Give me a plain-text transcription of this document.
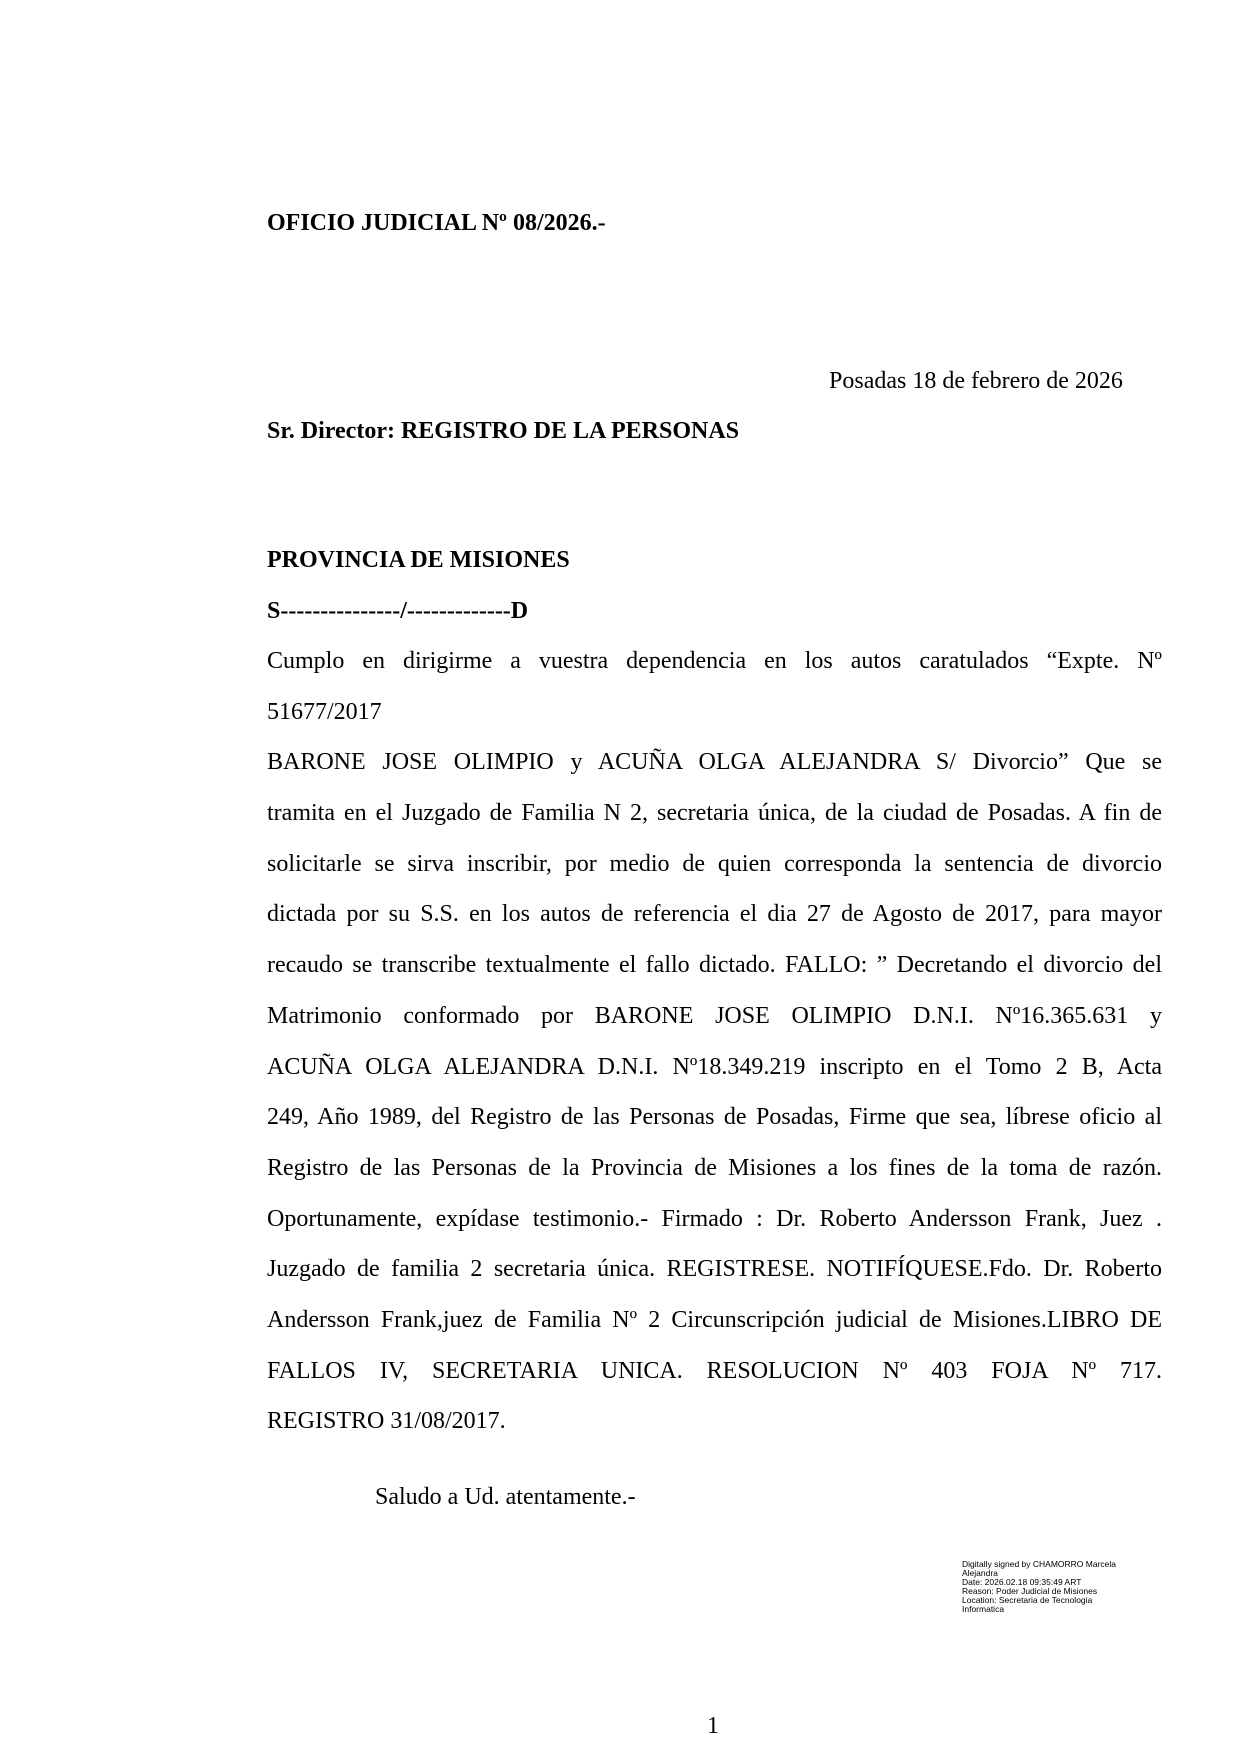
OFICIO JUDICIAL Nº 08/2026.-
Posadas 18 de febrero de 2026
Sr. Director: REGISTRO DE LA PERSONAS
PROVINCIA DE MISIONES
S---------------/-------------D
Cumplo en dirigirme a vuestra dependencia en los autos caratulados “Expte. Nº
51677/2017
BARONE JOSE OLIMPIO y ACUÑA OLGA ALEJANDRA S/ Divorcio” Que se
tramita en el Juzgado de Familia N 2, secretaria única, de la ciudad de Posadas. A fin de
solicitarle se sirva inscribir, por medio de quien corresponda la sentencia de divorcio
dictada por su S.S. en los autos de referencia el dia 27 de Agosto de 2017, para mayor
recaudo se transcribe textualmente el fallo dictado. FALLO: ” Decretando el divorcio del
Matrimonio conformado por BARONE JOSE OLIMPIO D.N.I. Nº16.365.631 y
ACUÑA OLGA ALEJANDRA D.N.I. Nº18.349.219 inscripto en el Tomo 2 B, Acta
249, Año 1989, del Registro de las Personas de Posadas, Firme que sea, líbrese oficio al
Registro de las Personas de la Provincia de Misiones a los fines de la toma de razón.
Oportunamente, expídase testimonio.- Firmado : Dr. Roberto Andersson Frank, Juez .
Juzgado de familia 2 secretaria única. REGISTRESE. NOTIFÍQUESE.Fdo. Dr. Roberto
Andersson Frank,juez de Familia Nº 2 Circunscripción judicial de Misiones.LIBRO DE
FALLOS IV, SECRETARIA UNICA. RESOLUCION Nº 403 FOJA Nº 717.
REGISTRO 31/08/2017.
Saludo a Ud. atentamente.-
Digitally signed by CHAMORRO Marcela
Alejandra
Date: 2026.02.18 09:35:49 ART
Reason: Poder Judicial de Misiones
Location: Secretaria de Tecnologia
Informatica
1
